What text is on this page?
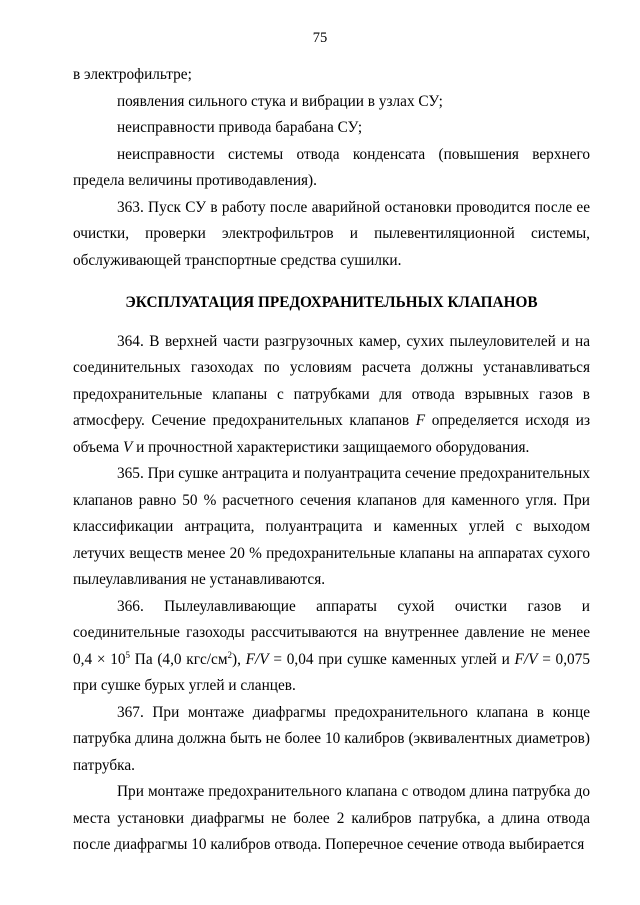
75

в электрофильтре;

появления сильного стука и вибрации в узлах СУ;

неисправности привода барабана СУ;

неисправности системы отвода конденсата (повышения верхнего предела величины противодавления).

363. Пуск СУ в работу после аварийной остановки проводится после ее очистки, проверки электрофильтров и пылевентиляционной системы, обслуживающей транспортные средства сушилки.

ЭКСПЛУАТАЦИЯ ПРЕДОХРАНИТЕЛЬНЫХ КЛАПАНОВ

364. В верхней части разгрузочных камер, сухих пылеуловителей и на соединительных газоходах по условиям расчета должны устанавливаться предохранительные клапаны с патрубками для отвода взрывных газов в атмосферу. Сечение предохранительных клапанов F определяется исходя из объема V и прочностной характеристики защищаемого оборудования.

365. При сушке антрацита и полуантрацита сечение предохранительных клапанов равно 50 % расчетного сечения клапанов для каменного угля. При классификации антрацита, полуантрацита и каменных углей с выходом летучих веществ менее 20 % предохранительные клапаны на аппаратах сухого пылеулавливания не устанавливаются.

366. Пылеулавливающие аппараты сухой очистки газов и соединительные газоходы рассчитываются на внутреннее давление не менее $0,4 \times 10^5$ Па (4,0 кгс/$см^2$), F/V = 0,04 при сушке каменных углей и F/V = 0,075 при сушке бурых углей и сланцев.

367. При монтаже диафрагмы предохранительного клапана в конце патрубка длина должна быть не более 10 калибров (эквивалентных диаметров) патрубка.

При монтаже предохранительного клапана с отводом длина патрубка до места установки диафрагмы не более 2 калибров патрубка, а длина отвода после диафрагмы 10 калибров отвода. Поперечное сечение отвода выбирается
